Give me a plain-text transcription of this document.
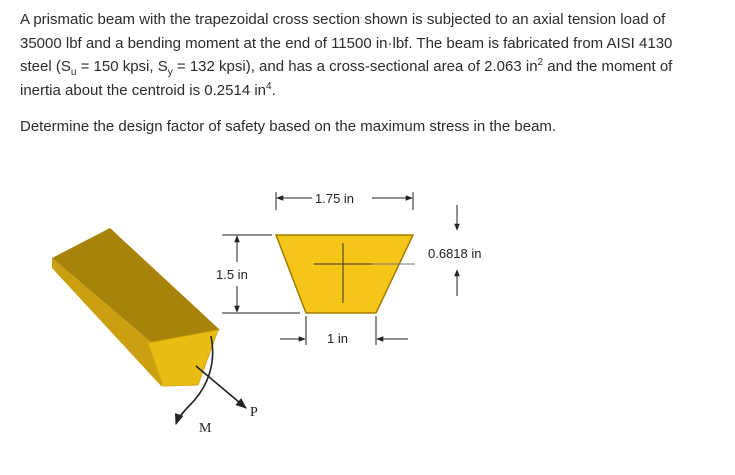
A prismatic beam with the trapezoidal cross section shown is subjected to an axial tension load of

35000 lbf and a bending moment at the end of 11500 in·lbf. The beam is fabricated from AISI 4130

steel ($S_u = 150$ kpsi, $S_y = 132$ kpsi), and has a cross-sectional area of 2.063 $in^2$ and the moment of

inertia about the centroid is 0.2514 $in^4$.

Determine the design factor of safety based on the maximum stress in the beam.

M
P
1.75 in
1.5 in
1 in
0.6818 in
